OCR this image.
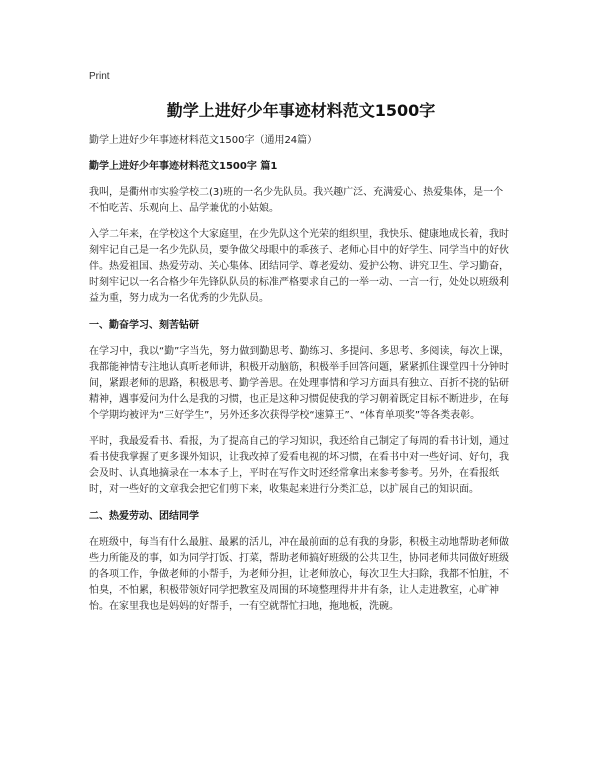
Print
勤学上进好少年事迹材料范文1500字
勤学上进好少年事迹材料范文1500字（通用24篇）
勤学上进好少年事迹材料范文1500字 篇1

我叫，是衢州市实验学校二(3)班的一名少先队员。我兴趣广泛、充满爱心、热爱集体，是一个不怕吃苦、乐观向上、品学兼优的小姑娘。

入学二年来，在学校这个大家庭里，在少先队这个光荣的组织里，我快乐、健康地成长着，我时刻牢记自己是一名少先队员，要争做父母眼中的乖孩子、老师心目中的好学生、同学当中的好伙伴。热爱祖国、热爱劳动、关心集体、团结同学、尊老爱幼、爱护公物、讲究卫生、学习勤奋，时刻牢记以一名合格少年先锋队队员的标准严格要求自己的一举一动、一言一行，处处以班级利益为重，努力成为一名优秀的少先队员。

一、勤奋学习、刻苦钻研

在学习中，我以“勤”字当先，努力做到勤思考、勤练习、多提问、多思考、多阅读，每次上课，我都能神情专注地认真听老师讲，积极开动脑筋，积极举手回答问题，紧紧抓住课堂四十分钟时间，紧跟老师的思路，积极思考、勤学善思。在处理事情和学习方面具有独立、百折不挠的钻研精神，遇事爱问为什么是我的习惯，也正是这种习惯促使我的学习朝着既定目标不断进步，在每个学期均被评为“三好学生”，另外还多次获得学校“速算王”、“体育单项奖”等各类表彰。

平时，我最爱看书、看报，为了提高自己的学习知识，我还给自己制定了每周的看书计划，通过看书使我掌握了更多课外知识，让我改掉了爱看电视的坏习惯，在看书中对一些好词、好句，我会及时、认真地摘录在一本本子上，平时在写作文时还经常拿出来参考参考。另外，在看报纸时，对一些好的文章我会把它们剪下来，收集起来进行分类汇总，以扩展自己的知识面。

二、热爱劳动、团结同学

在班级中，每当有什么最脏、最累的活儿，冲在最前面的总有我的身影，积极主动地帮助老师做些力所能及的事，如为同学打饭、打菜，帮助老师搞好班级的公共卫生，协同老师共同做好班级的各项工作，争做老师的小帮手，为老师分担，让老师放心，每次卫生大扫除，我都不怕脏，不怕臭，不怕累，积极带领好同学把教室及周围的环境整理得井井有条，让人走进教室，心旷神怡。在家里我也是妈妈的好帮手，一有空就帮忙扫地，拖地板，洗碗。
